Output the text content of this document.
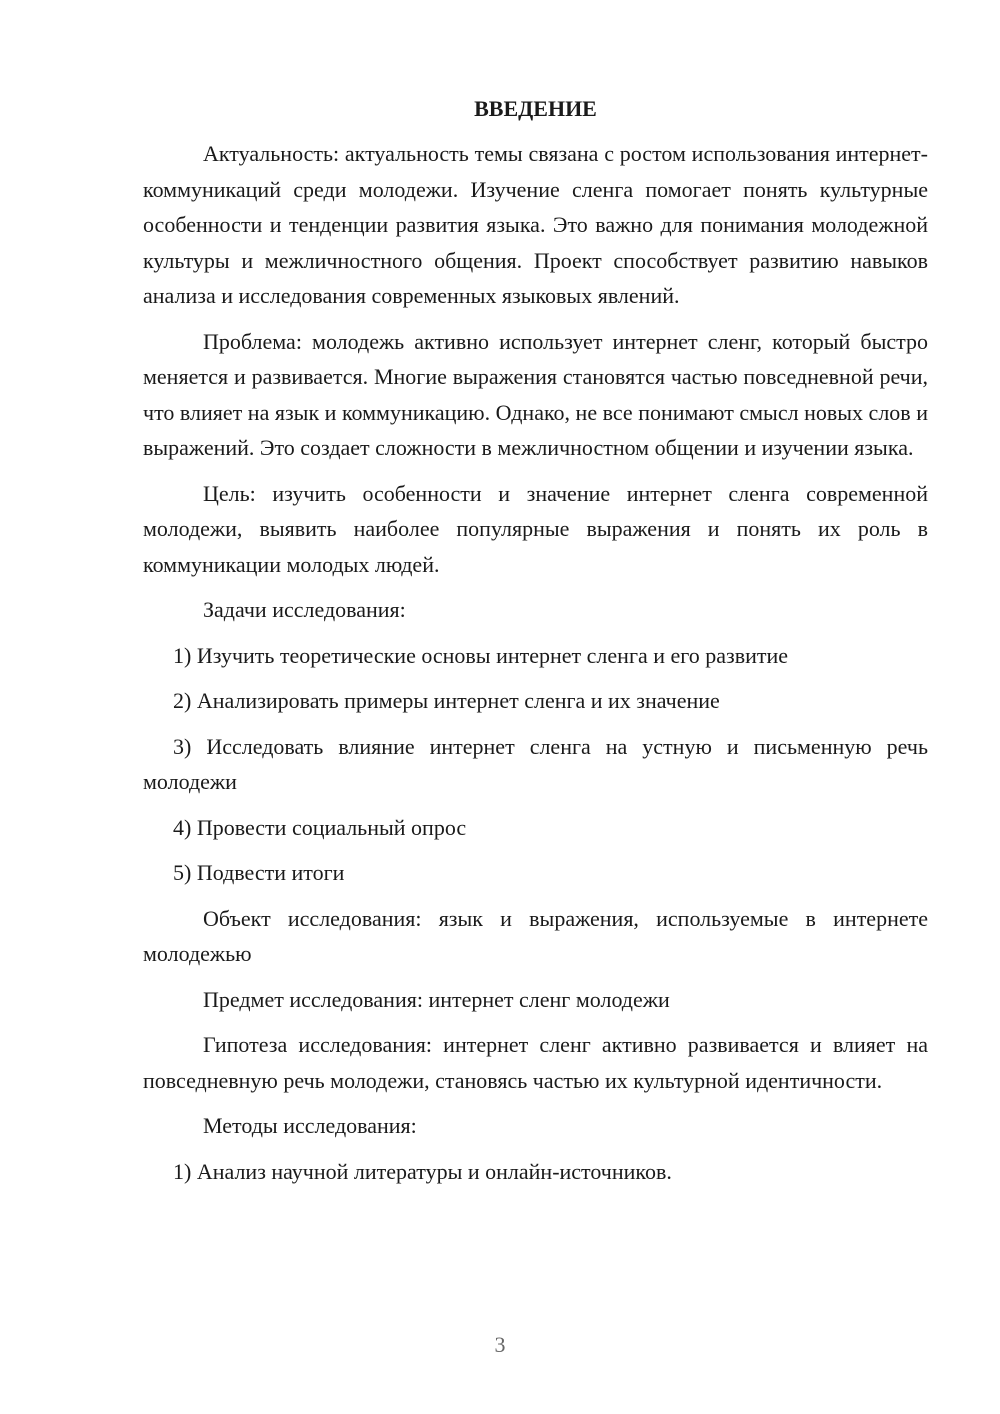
ВВЕДЕНИЕ

Актуальность: актуальность темы связана с ростом использования интернет-коммуникаций среди молодежи. Изучение сленга помогает понять культурные особенности и тенденции развития языка. Это важно для понимания молодежной культуры и межличностного общения. Проект способствует развитию навыков анализа и исследования современных языковых явлений.

Проблема: молодежь активно использует интернет сленг, который быстро меняется и развивается. Многие выражения становятся частью повседневной речи, что влияет на язык и коммуникацию. Однако, не все понимают смысл новых слов и выражений. Это создает сложности в межличностном общении и изучении языка.

Цель: изучить особенности и значение интернет сленга современной молодежи, выявить наиболее популярные выражения и понять их роль в коммуникации молодых людей.

Задачи исследования:

1) Изучить теоретические основы интернет сленга и его развитие

2) Анализировать примеры интернет сленга и их значение

3) Исследовать влияние интернет сленга на устную и письменную речь молодежи

4) Провести социальный опрос

5) Подвести итоги

Объект исследования: язык и выражения, используемые в интернете молодежью

Предмет исследования: интернет сленг молодежи

Гипотеза исследования: интернет сленг активно развивается и влияет на повседневную речь молодежи, становясь частью их культурной идентичности.

Методы исследования:

1) Анализ научной литературы и онлайн-источников.

3
